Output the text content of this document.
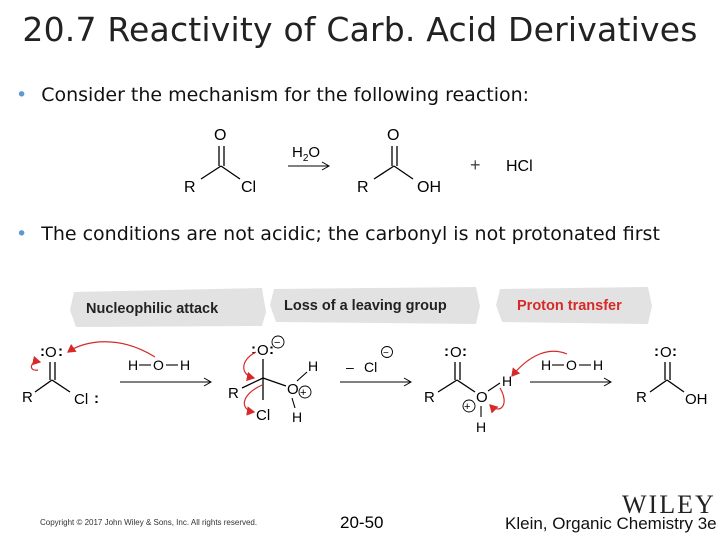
20.7 Reactivity of Carb. Acid Derivatives
• Consider the mechanism for the following reaction:
• The conditions are not acidic; the carbonyl is not protonated first
O
R	Cl
$H_2O$
O
R	OH
+ HCl
Nucleophilic attack	Loss of a leaving group	Proton transfer
O
: :
R	Cl :
H O H
O
: : −
R	O +
H
H
Cl
– Cl
−	O
: :
R	O
+
H
H
H O H
O
: :
R	OH
Copyright © 2017 John Wiley & Sons, Inc. All rights reserved.	20-50
WILEY
Klein, Organic Chemistry 3e
